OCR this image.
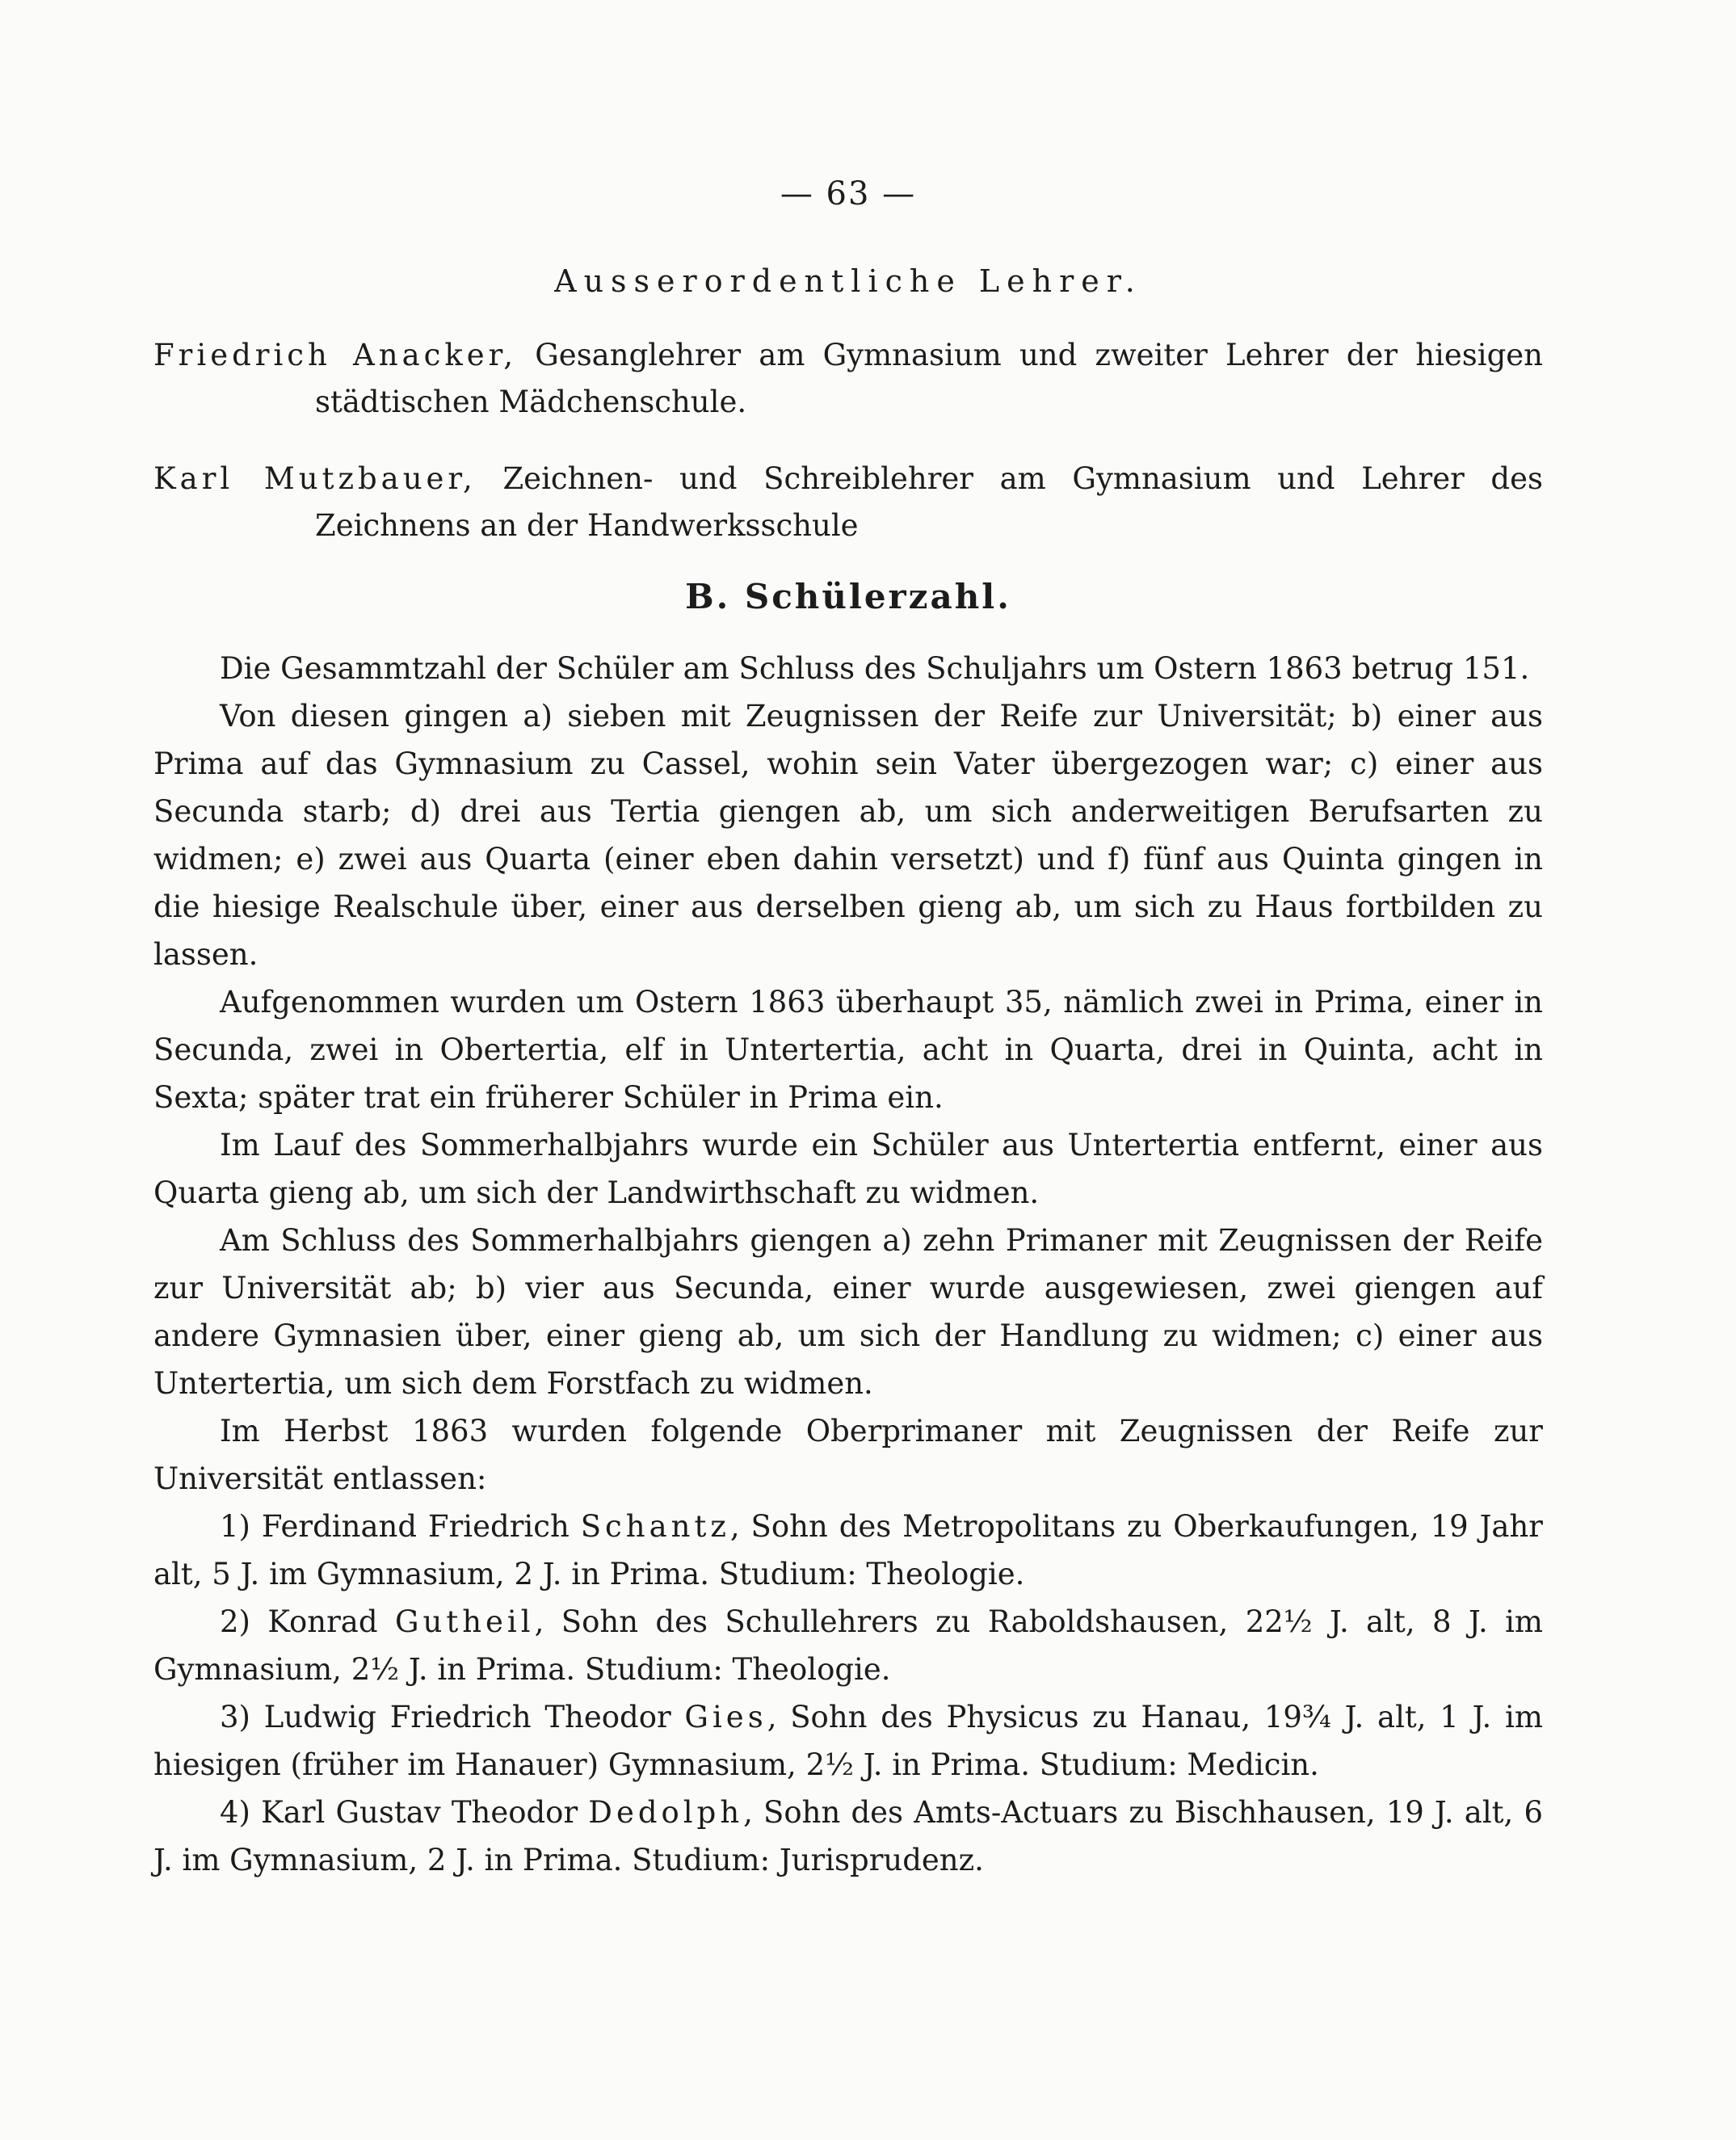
— 63 —
Ausserordentliche Lehrer.

Friedrich Anacker, Gesanglehrer am Gymnasium und zweiter Lehrer der hiesigen städtischen Mädchenschule.

Karl Mutzbauer, Zeichnen- und Schreiblehrer am Gymnasium und Lehrer des Zeichnens an der Handwerksschule

B. Schülerzahl.

Die Gesammtzahl der Schüler am Schluss des Schuljahrs um Ostern 1863 betrug 151.

Von diesen gingen a) sieben mit Zeugnissen der Reife zur Universität; b) einer aus Prima auf das Gymnasium zu Cassel, wohin sein Vater übergezogen war; c) einer aus Secunda starb; d) drei aus Tertia giengen ab, um sich anderweitigen Berufsarten zu widmen; e) zwei aus Quarta (einer eben dahin versetzt) und f) fünf aus Quinta gingen in die hiesige Realschule über, einer aus derselben gieng ab, um sich zu Haus fortbilden zu lassen.

Aufgenommen wurden um Ostern 1863 überhaupt 35, nämlich zwei in Prima, einer in Secunda, zwei in Obertertia, elf in Untertertia, acht in Quarta, drei in Quinta, acht in Sexta; später trat ein früherer Schüler in Prima ein.

Im Lauf des Sommerhalbjahrs wurde ein Schüler aus Untertertia entfernt, einer aus Quarta gieng ab, um sich der Landwirthschaft zu widmen.

Am Schluss des Sommerhalbjahrs giengen a) zehn Primaner mit Zeugnissen der Reife zur Universität ab; b) vier aus Secunda, einer wurde ausgewiesen, zwei giengen auf andere Gymnasien über, einer gieng ab, um sich der Handlung zu widmen; c) einer aus Untertertia, um sich dem Forstfach zu widmen.

Im Herbst 1863 wurden folgende Oberprimaner mit Zeugnissen der Reife zur Universität entlassen:

1) Ferdinand Friedrich Schantz, Sohn des Metropolitans zu Oberkaufungen, 19 Jahr alt, 5 J. im Gymnasium, 2 J. in Prima. Studium: Theologie.

2) Konrad Gutheil, Sohn des Schullehrers zu Raboldshausen, 22½ J. alt, 8 J. im Gymnasium, 2½ J. in Prima. Studium: Theologie.

3) Ludwig Friedrich Theodor Gies, Sohn des Physicus zu Hanau, 19¾ J. alt, 1 J. im hiesigen (früher im Hanauer) Gymnasium, 2½ J. in Prima. Studium: Medicin.

4) Karl Gustav Theodor Dedolph, Sohn des Amts-Actuars zu Bischhausen, 19 J. alt, 6 J. im Gymnasium, 2 J. in Prima. Studium: Jurisprudenz.
